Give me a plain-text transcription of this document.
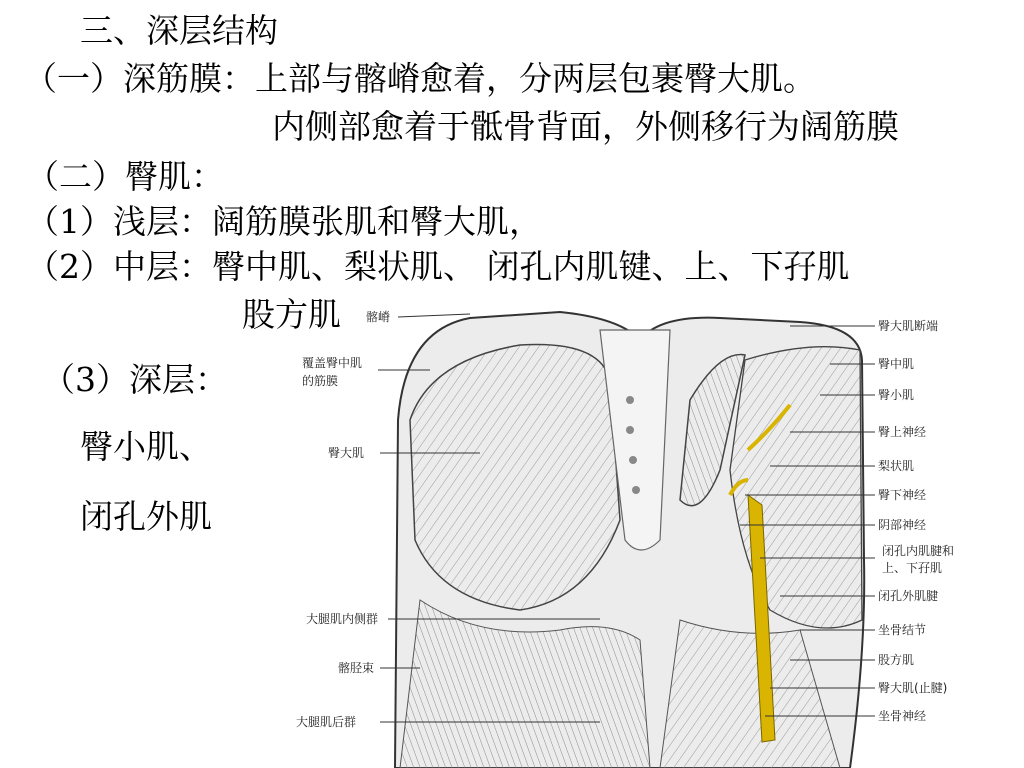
三、深层结构
（一）深筋膜：上部与髂嵴愈着，分两层包裹臀大肌。
内侧部愈着于骶骨背面，外侧移行为阔筋膜
（二）臀肌：
（1）浅层：阔筋膜张肌和臀大肌，
（2）中层：臀中肌、梨状肌、 闭孔内肌键、上、下孖肌
股方肌
（3）深层：
臀小肌、
闭孔外肌
髂嵴
覆盖臀中肌
的筋膜
臀大肌
大腿肌内侧群
髂胫束
大腿肌后群
臀大肌断端
臀中肌
臀小肌
臀上神经
梨状肌
臀下神经
阴部神经
闭孔内肌腱和
上、下孖肌
闭孔外肌腱
坐骨结节
股方肌
臀大肌(止腱)
坐骨神经
